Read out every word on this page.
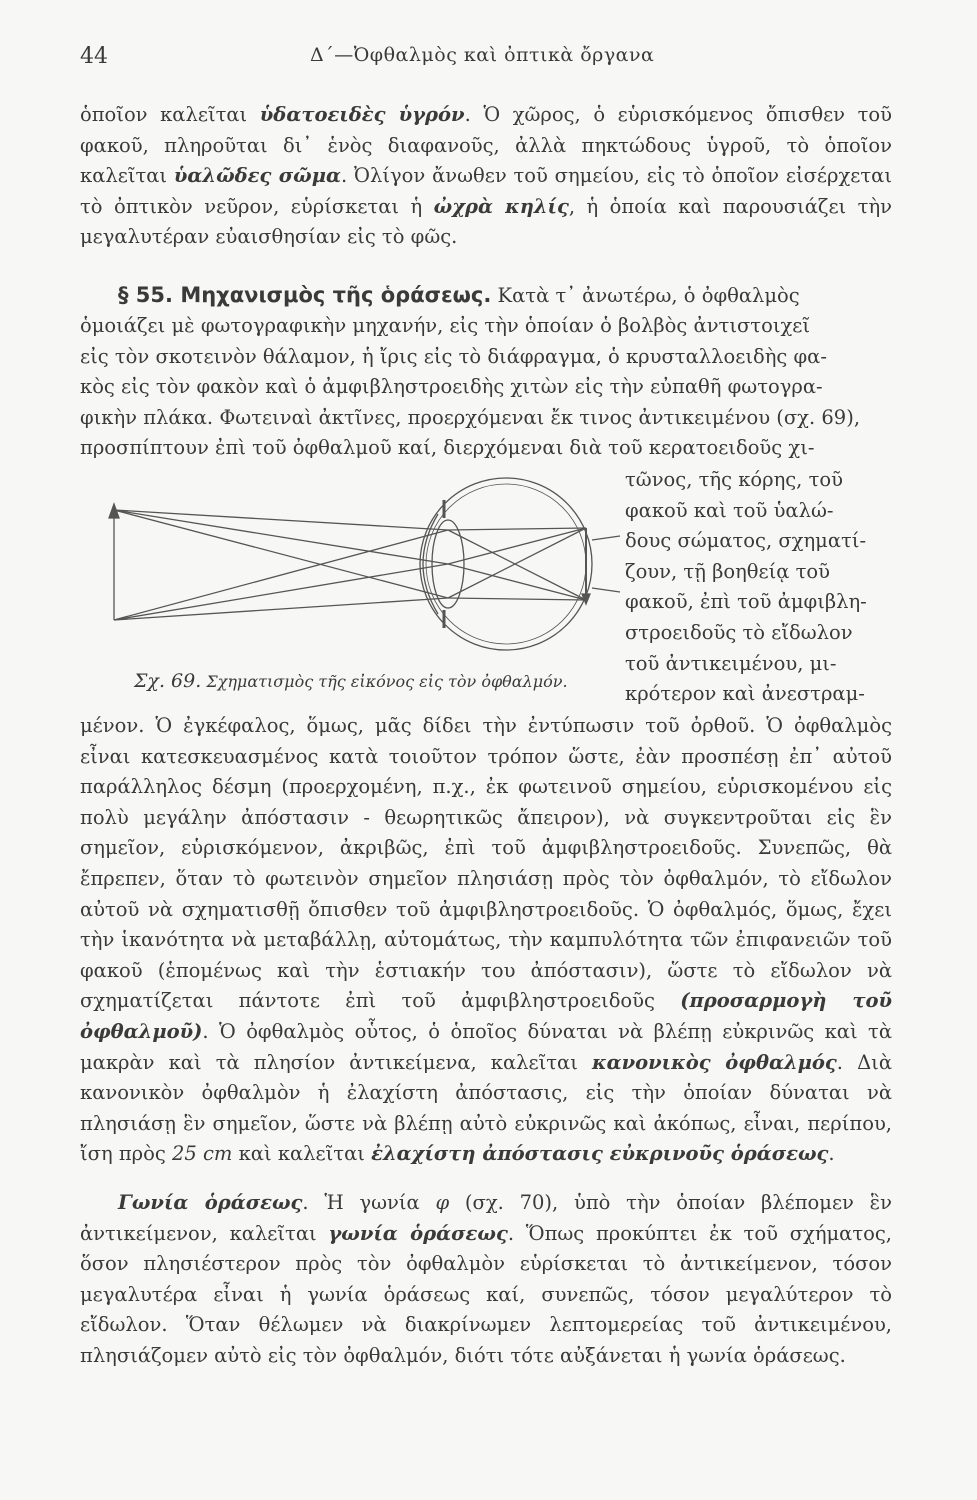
44	Δ΄—Ὀφθαλμὸς καὶ ὀπτικὰ ὄργανα

ὁποῖον καλεῖται ὑδατοειδὲς ὑγρόν. Ὁ χῶρος, ὁ εὑρισκόμενος ὄπισθεν τοῦ φακοῦ, πληροῦται δι᾽ ἑνὸς διαφανοῦς, ἀλλὰ πηκτώδους ὑγροῦ, τὸ ὁποῖον καλεῖται ὑαλῶδες σῶμα. Ὀλίγον ἄνωθεν τοῦ σημείου, εἰς τὸ ὁποῖον εἰσέρχεται τὸ ὀπτικὸν νεῦρον, εὑρίσκεται ἡ ὠχρὰ κηλίς, ἡ ὁποία καὶ παρουσιάζει τὴν μεγαλυτέραν εὐαισθησίαν εἰς τὸ φῶς.

§ 55. Μηχανισμὸς τῆς ὁράσεως. Κατὰ τ᾽ ἀνωτέρω, ὁ ὀφθαλμὸς
ὁμοιάζει μὲ φωτογραφικὴν μηχανήν, εἰς τὴν ὁποίαν ὁ βολβὸς ἀντιστοιχεῖ
εἰς τὸν σκοτεινὸν θάλαμον, ἡ ἴρις εἰς τὸ διάφραγμα, ὁ κρυσταλλοειδὴς φα-
κὸς εἰς τὸν φακὸν καὶ ὁ ἀμφιβληστροειδὴς χιτὼν εἰς τὴν εὐπαθῆ φωτογρα-
φικὴν πλάκα. Φωτειναὶ ἀκτῖνες, προερχόμεναι ἔκ τινος ἀντικειμένου (σχ. 69),
προσπίπτουν ἐπὶ τοῦ ὀφθαλμοῦ καί, διερχόμεναι διὰ τοῦ κερατοειδοῦς χι-
τῶνος, τῆς κόρης, τοῦ
φακοῦ καὶ τοῦ ὑαλώ-
δους σώματος, σχηματί-
ζουν, τῇ βοηθείᾳ τοῦ
φακοῦ, ἐπὶ τοῦ ἀμφιβλη-
στροειδοῦς τὸ εἴδωλον
τοῦ ἀντικειμένου, μι-
κρότερον καὶ ἀνεστραμ-
Σχ. 69. Σχηματισμὸς τῆς εἰκόνος εἰς τὸν ὀφθαλμόν.

μένον. Ὁ ἐγκέφαλος, ὅμως, μᾶς δίδει τὴν ἐντύπωσιν τοῦ ὀρθοῦ. Ὁ ὀφθαλμὸς εἶναι κατεσκευασμένος κατὰ τοιοῦτον τρόπον ὥστε, ἐὰν προσπέσῃ ἐπ᾽ αὐτοῦ παράλληλος δέσμη (προερχομένη, π.χ., ἐκ φωτεινοῦ σημείου, εὑρισκομένου εἰς πολὺ μεγάλην ἀπόστασιν - θεωρητικῶς ἄπειρον), νὰ συγκεντροῦται εἰς ἓν σημεῖον, εὑρισκόμενον, ἀκριβῶς, ἐπὶ τοῦ ἀμφιβληστροειδοῦς. Συνεπῶς, θὰ ἔπρεπεν, ὅταν τὸ φωτεινὸν σημεῖον πλησιάσῃ πρὸς τὸν ὀφθαλμόν, τὸ εἴδωλον αὐτοῦ νὰ σχηματισθῇ ὄπισθεν τοῦ ἀμφιβληστροειδοῦς. Ὁ ὀφθαλμός, ὅμως, ἔχει τὴν ἱκανότητα νὰ μεταβάλλῃ, αὐτομάτως, τὴν καμπυλότητα τῶν ἐπιφανειῶν τοῦ φακοῦ (ἑπομένως καὶ τὴν ἑστιακήν του ἀπόστασιν), ὥστε τὸ εἴδωλον νὰ σχηματίζεται πάντοτε ἐπὶ τοῦ ἀμφιβληστροειδοῦς (προσαρμογὴ τοῦ ὀφθαλμοῦ). Ὁ ὀφθαλμὸς οὗτος, ὁ ὁποῖος δύναται νὰ βλέπῃ εὐκρινῶς καὶ τὰ μακρὰν καὶ τὰ πλησίον ἀντικείμενα, καλεῖται κανονικὸς ὀφθαλμός. Διὰ κανονικὸν ὀφθαλμὸν ἡ ἐλαχίστη ἀπόστασις, εἰς τὴν ὁποίαν δύναται νὰ πλησιάσῃ ἓν σημεῖον, ὥστε νὰ βλέπῃ αὐτὸ εὐκρινῶς καὶ ἀκόπως, εἶναι, περίπου, ἴση πρὸς 25 cm καὶ καλεῖται ἐλαχίστη ἀπόστασις εὐκρινοῦς ὁράσεως.

Γωνία ὁράσεως. Ἡ γωνία φ (σχ. 70), ὑπὸ τὴν ὁποίαν βλέπομεν ἓν ἀντικείμενον, καλεῖται γωνία ὁράσεως. Ὅπως προκύπτει ἐκ τοῦ σχήματος, ὅσον πλησιέστερον πρὸς τὸν ὀφθαλμὸν εὑρίσκεται τὸ ἀντικείμενον, τόσον μεγαλυτέρα εἶναι ἡ γωνία ὁράσεως καί, συνεπῶς, τόσον μεγαλύτερον τὸ εἴδωλον. Ὅταν θέλωμεν νὰ διακρίνωμεν λεπτομερείας τοῦ ἀντικειμένου, πλησιάζομεν αὐτὸ εἰς τὸν ὀφθαλμόν, διότι τότε αὐξάνεται ἡ γωνία ὁράσεως.
